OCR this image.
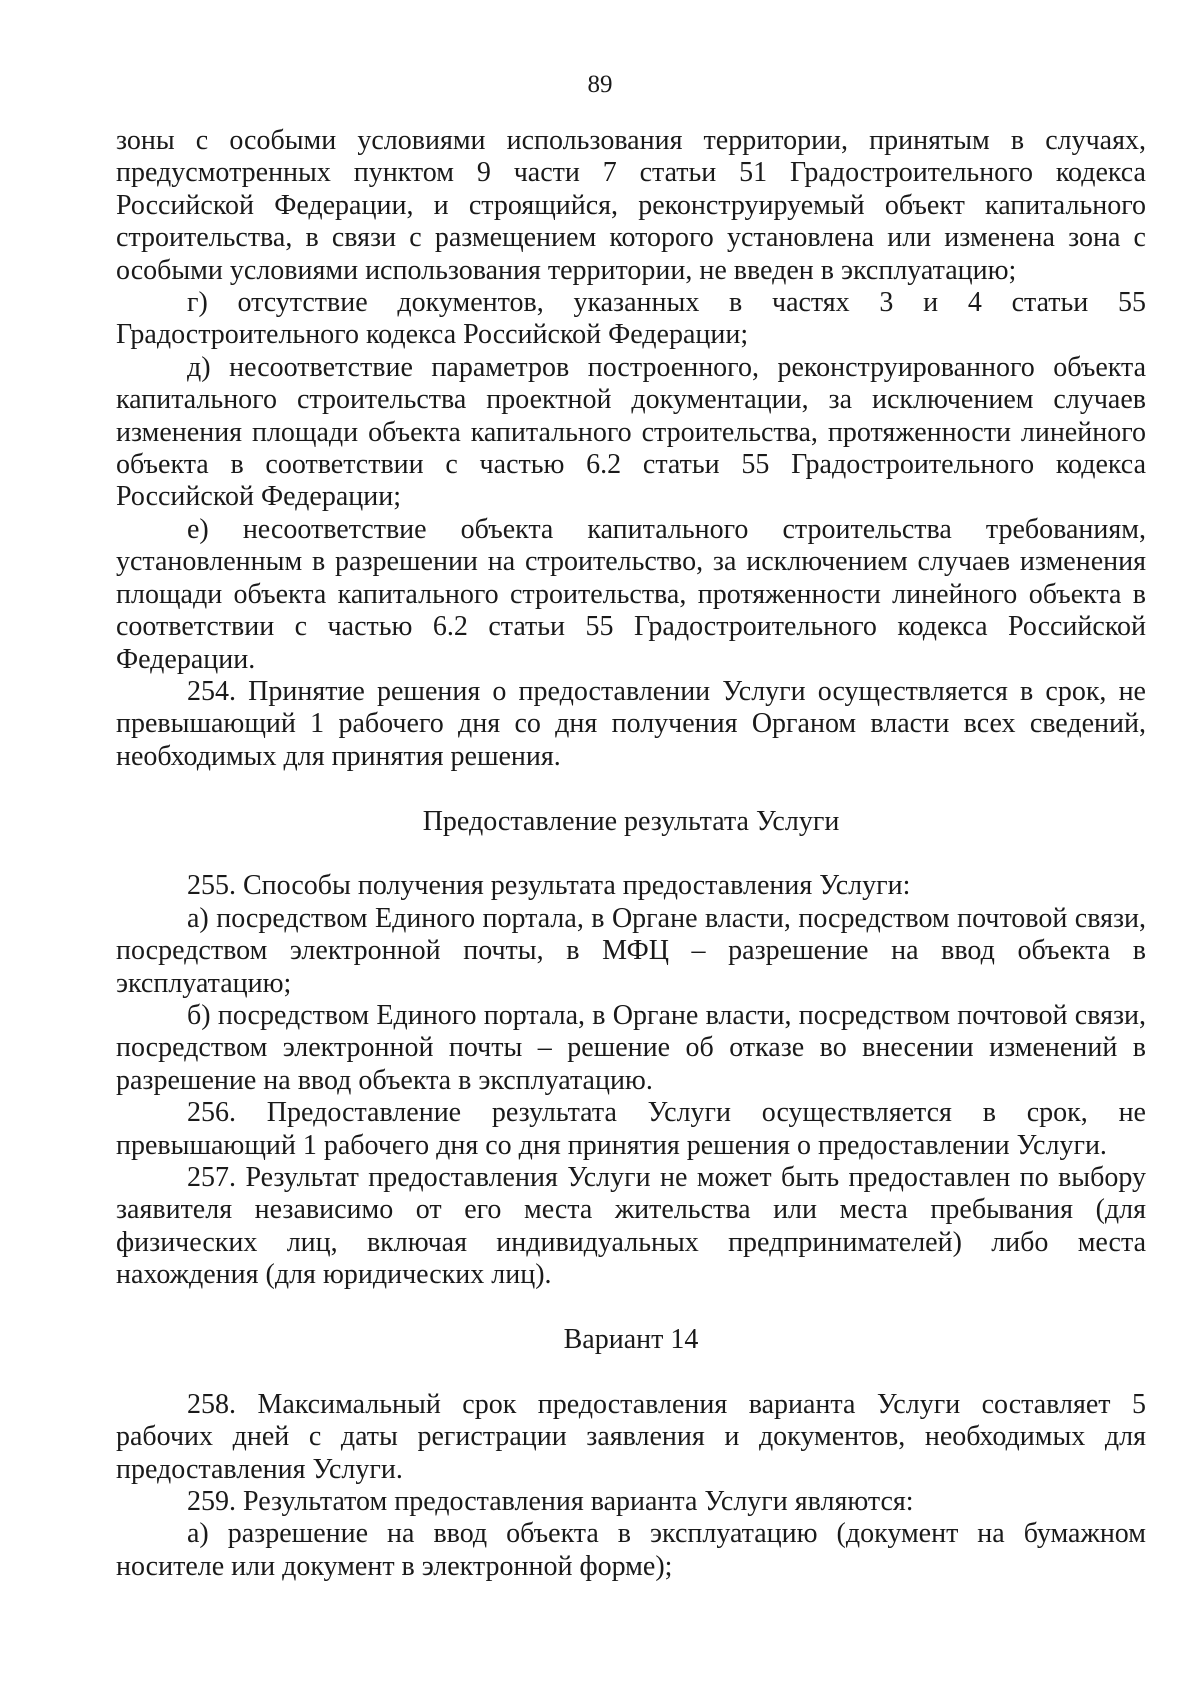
89

зоны с особыми условиями использования территории, принятым в случаях, предусмотренных пунктом 9 части 7 статьи 51 Градостроительного кодекса Российской Федерации, и строящийся, реконструируемый объект капитального строительства, в связи с размещением которого установлена или изменена зона с особыми условиями использования территории, не введен в эксплуатацию;

г) отсутствие документов, указанных в частях 3 и 4 статьи 55 Градостроительного кодекса Российской Федерации;

д) несоответствие параметров построенного, реконструированного объекта капитального строительства проектной документации, за исключением случаев изменения площади объекта капитального строительства, протяженности линейного объекта в соответствии с частью 6.2 статьи 55 Градостроительного кодекса Российской Федерации;

е) несоответствие объекта капитального строительства требованиям, установленным в разрешении на строительство, за исключением случаев изменения площади объекта капитального строительства, протяженности линейного объекта в соответствии с частью 6.2 статьи 55 Градостроительного кодекса Российской Федерации.

254. Принятие решения о предоставлении Услуги осуществляется в срок, не превышающий 1 рабочего дня со дня получения Органом власти всех сведений, необходимых для принятия решения.

Предоставление результата Услуги

255. Способы получения результата предоставления Услуги:

а) посредством Единого портала, в Органе власти, посредством почтовой связи, посредством электронной почты, в МФЦ – разрешение на ввод объекта в эксплуатацию;

б) посредством Единого портала, в Органе власти, посредством почтовой связи, посредством электронной почты – решение об отказе во внесении изменений в разрешение на ввод объекта в эксплуатацию.

256. Предоставление результата Услуги осуществляется в срок, не превышающий 1 рабочего дня со дня принятия решения о предоставлении Услуги.

257. Результат предоставления Услуги не может быть предоставлен по выбору заявителя независимо от его места жительства или места пребывания (для физических лиц, включая индивидуальных предпринимателей) либо места нахождения (для юридических лиц).

Вариант 14

258. Максимальный срок предоставления варианта Услуги составляет 5 рабочих дней с даты регистрации заявления и документов, необходимых для предоставления Услуги.

259. Результатом предоставления варианта Услуги являются:

а) разрешение на ввод объекта в эксплуатацию (документ на бумажном носителе или документ в электронной форме);
